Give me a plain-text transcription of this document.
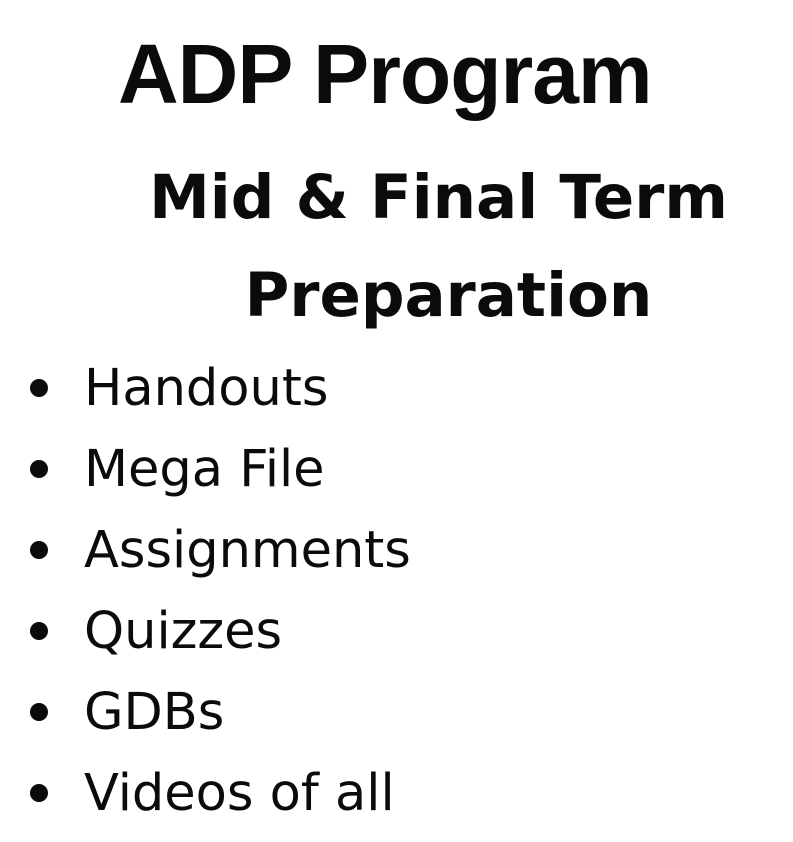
ADP Program
Mid & Final Term
Preparation
Handouts
Mega File
Assignments
Quizzes
GDBs
Videos of all
